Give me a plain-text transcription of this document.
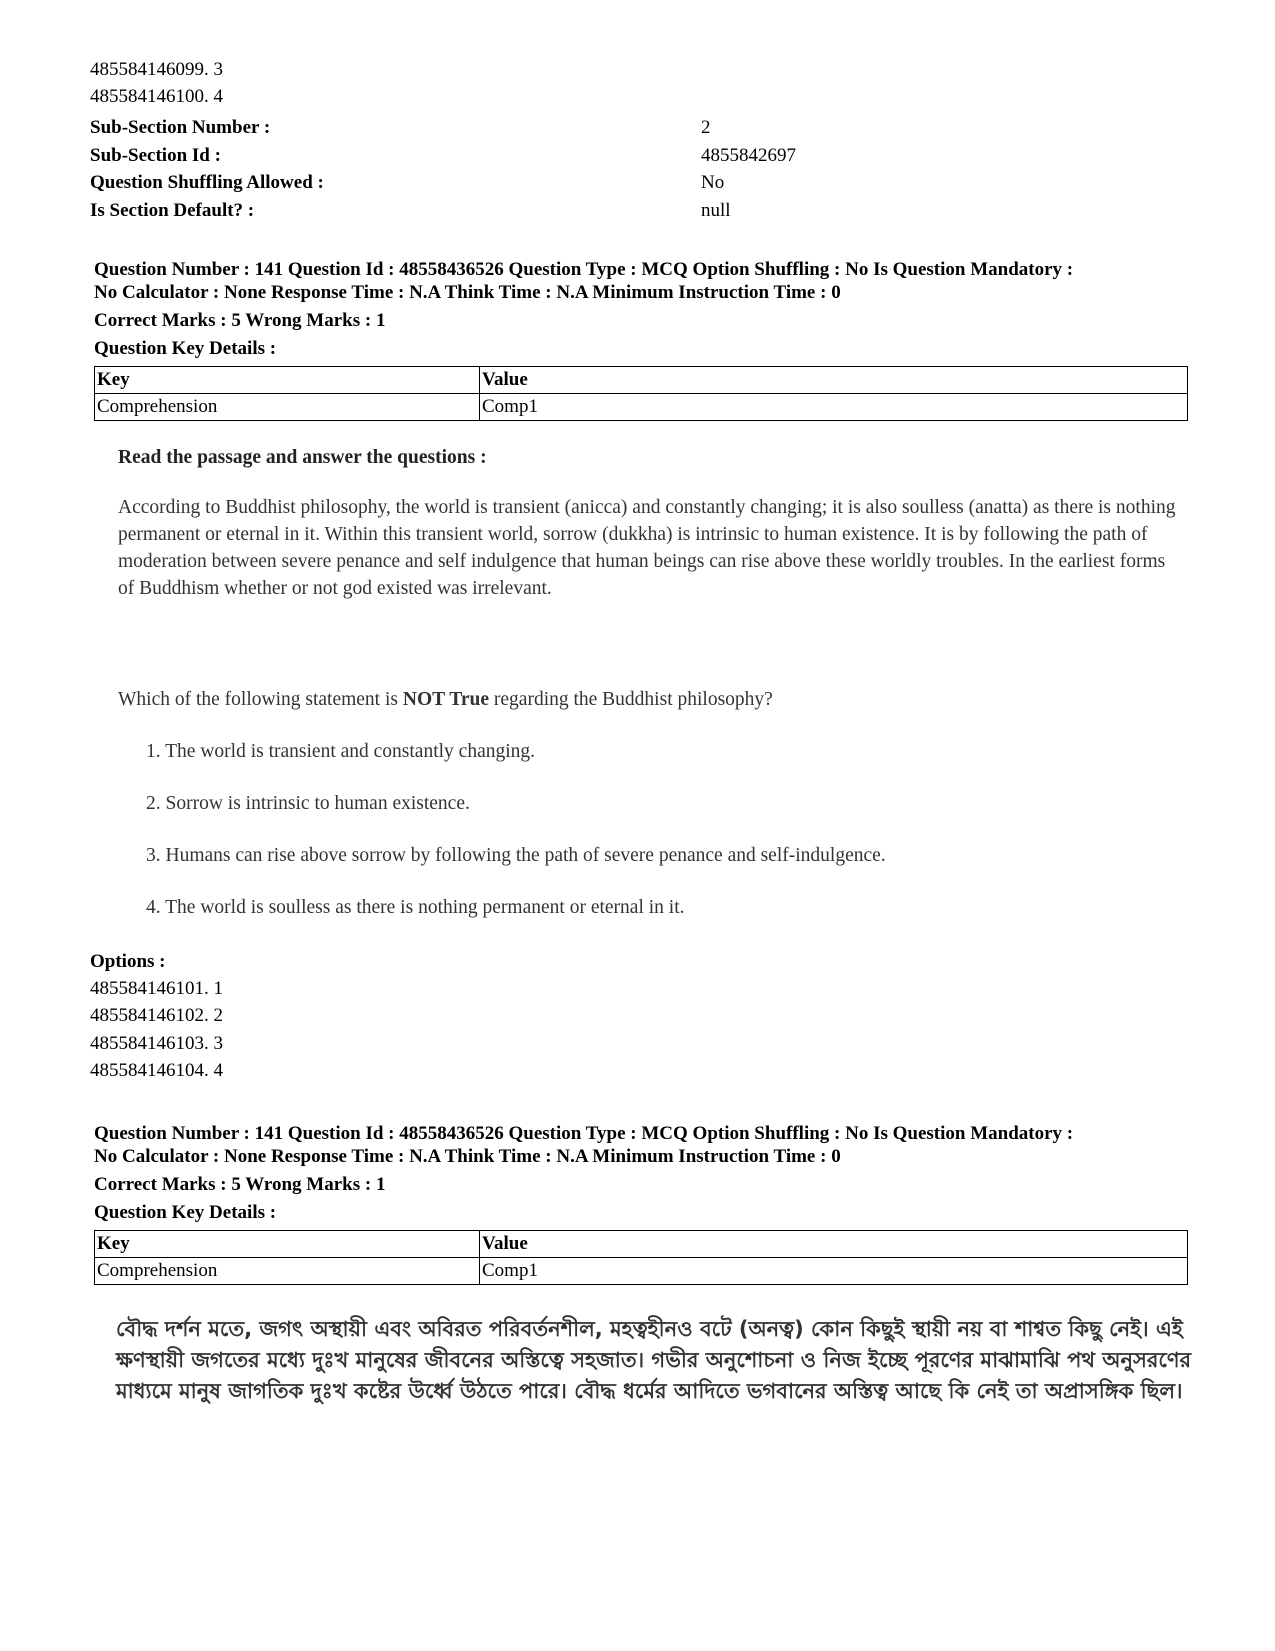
485584146099. 3
485584146100. 4
Sub-Section Number :	2
Sub-Section Id :	4855842697
Question Shuffling Allowed :	No
Is Section Default? :	null
Question Number : 141 Question Id : 48558436526 Question Type : MCQ Option Shuffling : No Is Question Mandatory :
No Calculator : None Response Time : N.A Think Time : N.A Minimum Instruction Time : 0
Correct Marks : 5 Wrong Marks : 1
Question Key Details :
Key	Value
Comprehension	Comp1
Read the passage and answer the questions :
According to Buddhist philosophy, the world is transient (anicca) and constantly changing; it is also soulless (anatta) as there is nothing permanent or eternal in it. Within this transient world, sorrow (dukkha) is intrinsic to human existence. It is by following the path of moderation between severe penance and self indulgence that human beings can rise above these worldly troubles. In the earliest forms of Buddhism whether or not god existed was irrelevant.
Which of the following statement is NOT True regarding the Buddhist philosophy?
1. The world is transient and constantly changing.
2. Sorrow is intrinsic to human existence.
3. Humans can rise above sorrow by following the path of severe penance and self-indulgence.
4. The world is soulless as there is nothing permanent or eternal in it.
Options :
485584146101. 1
485584146102. 2
485584146103. 3
485584146104. 4
Question Number : 141 Question Id : 48558436526 Question Type : MCQ Option Shuffling : No Is Question Mandatory :
No Calculator : None Response Time : N.A Think Time : N.A Minimum Instruction Time : 0
Correct Marks : 5 Wrong Marks : 1
Question Key Details :
Key	Value
Comprehension	Comp1
বৌদ্ধ দর্শন মতে, জগৎ অস্থায়ী এবং অবিরত পরিবর্তনশীল, মহত্বহীনও বটে (অনত্ব) কোন কিছুই স্থায়ী নয় বা শাশ্বত কিছু নেই। এই ক্ষণস্থায়ী জগতের মধ্যে দুঃখ মানুষের জীবনের অস্তিত্বে সহজাত। গভীর অনুশোচনা ও নিজ ইচ্ছে পূরণের মাঝামাঝি পথ অনুসরণের মাধ্যমে মানুষ জাগতিক দুঃখ কষ্টের উর্ধ্বে উঠতে পারে। বৌদ্ধ ধর্মের আদিতে ভগবানের অস্তিত্ব আছে কি নেই তা অপ্রাসঙ্গিক ছিল।
